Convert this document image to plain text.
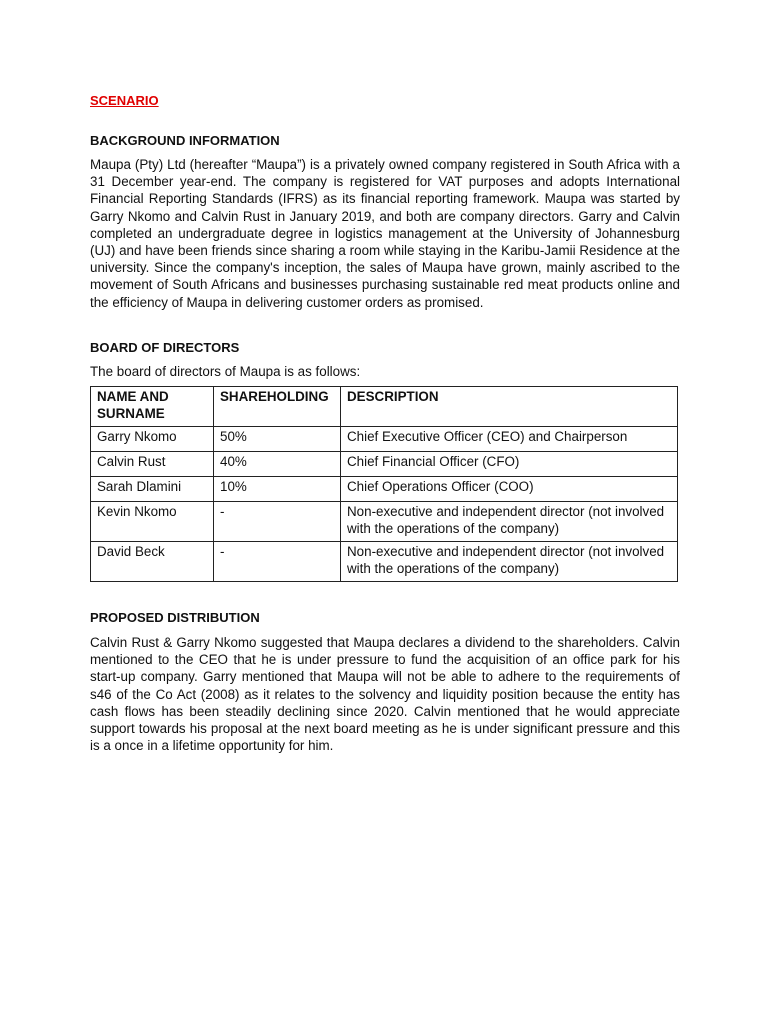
SCENARIO

BACKGROUND INFORMATION

Maupa (Pty) Ltd (hereafter “Maupa”) is a privately owned company registered in South Africa with a 31 December year-end. The company is registered for VAT purposes and adopts International Financial Reporting Standards (IFRS) as its financial reporting framework. Maupa was started by Garry Nkomo and Calvin Rust in January 2019, and both are company directors. Garry and Calvin completed an undergraduate degree in logistics management at the University of Johannesburg (UJ) and have been friends since sharing a room while staying in the Karibu-Jamii Residence at the university. Since the company's inception, the sales of Maupa have grown, mainly ascribed to the movement of South Africans and businesses purchasing sustainable red meat products online and the efficiency of Maupa in delivering customer orders as promised.

BOARD OF DIRECTORS

The board of directors of Maupa is as follows:

NAME AND SURNAME	SHAREHOLDING	DESCRIPTION
Garry Nkomo	50%	Chief Executive Officer (CEO) and Chairperson
Calvin Rust	40%	Chief Financial Officer (CFO)
Sarah Dlamini	10%	Chief Operations Officer (COO)
Kevin Nkomo	-	Non-executive and independent director (not involved with the operations of the company)
David Beck	-	Non-executive and independent director (not involved with the operations of the company)

PROPOSED DISTRIBUTION

Calvin Rust & Garry Nkomo suggested that Maupa declares a dividend to the shareholders. Calvin mentioned to the CEO that he is under pressure to fund the acquisition of an office park for his start-up company. Garry mentioned that Maupa will not be able to adhere to the requirements of s46 of the Co Act (2008) as it relates to the solvency and liquidity position because the entity has cash flows has been steadily declining since 2020. Calvin mentioned that he would appreciate support towards his proposal at the next board meeting as he is under significant pressure and this is a once in a lifetime opportunity for him.
